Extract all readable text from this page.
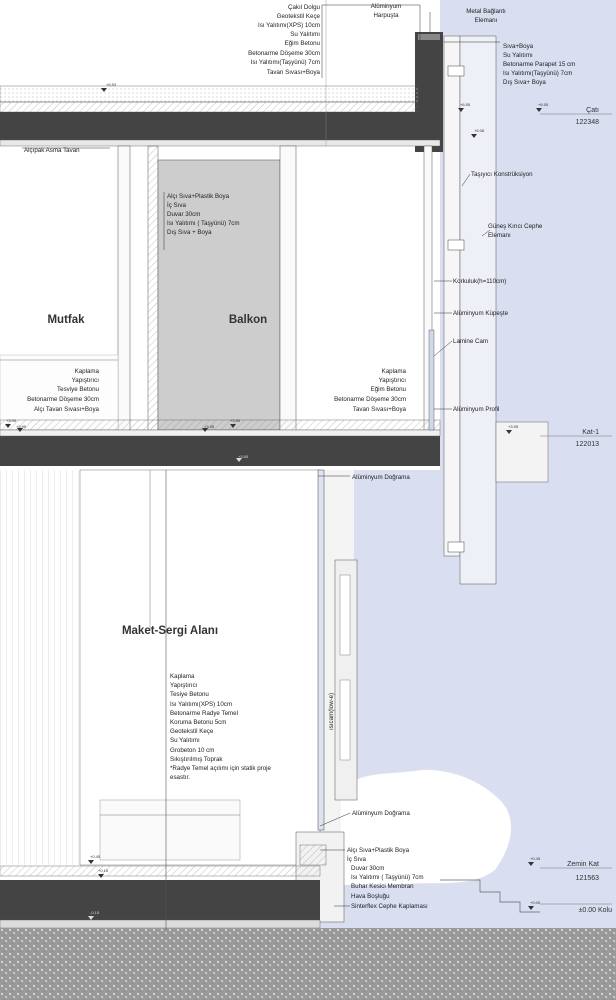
Çakıl Dolgu
Geotekstil Keçe
Isı Yalıtımı(XPS) 10cm
Su Yalıtımı
Eğim Betonu
Betonarme Döşeme 30cm
Isı Yalıtımı(Taşyünü) 7cm
Tavan Sıvası+Boya
Alüminyum
Harpuşta
Metal Bağlantı
Elemanı
Sıva+Boya
Su Yalıtımı
Betonarme Parapet 15 cm
Isı Yalıtımı(Taşyünü) 7cm
Dış Sıva+ Boya
Alçıpak Asma Tavan
Alçı Sıva+Plastik Boya
İç Sıva
Duvar 30cm
Isı Yalıtımı ( Taşyünü) 7cm
Dış Sıva + Boya
Taşıyıcı Konstrüksiyon
Güneş Kırıcı Cephe
Elemanı
Korkuluk(h=110cm)
Alüminyum Küpeşte
Lamine Cam
Alüminyum Profil
Alüminyum Doğrama
Alüminyum Doğrama
ısıcam(low-e)
Kaplama
Yapıştırıcı
Eğim Betonu
Betonarme Döşeme 30cm
Tavan Sıvası+Boya
Kaplama
Yapıştırıcı
Tesviye Betonu
Betonarme Döşeme 30cm
Alçı Tavan Sıvası+Boya
Kaplama
Yapıştırıcı
Tesiye Betonu
Isı Yalıtımı(XPS) 10cm
Betonarme Radye Temel
Koruma Betonu 5cm
Geotekstil Keçe
Su Yalıtımı
Grobeton 10 cm
Sıkıştırılmış Toprak
*Radye Temel açılımı için statik proje
esastır.
Alçı Sıva+Plastik Boya
İç Sıva
Duvar 30cm
Isı Yalıtımı ( Taşyünü) 7cm
Buhar Kesici Membran
Hava Boşluğu
Sinterflex Cephe Kaplaması
Mutfak	Balkon
Maket-Sergi Alanı
Çatı
122348
Kat-1
122013
Zemin Kat
121563
±0.00 Kolu
+6.53
+6.55	+6.55
+6.08
+3.95
+3.95	+3.95
+3.95
+3.95
+3.65
+0.45
+0.15
+0.45
+0.00
-0.15
